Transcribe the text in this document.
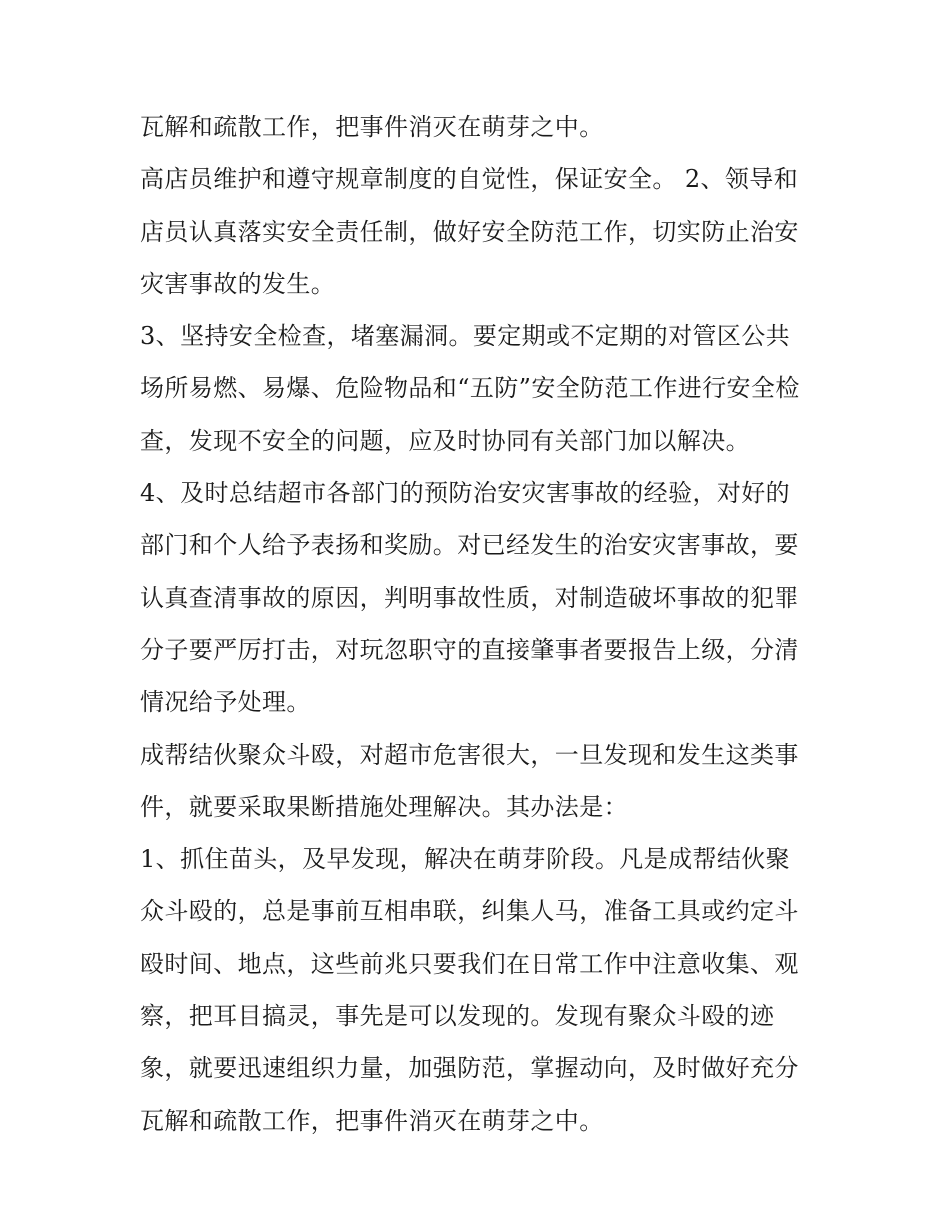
瓦解和疏散工作，把事件消灭在萌芽之中。
高店员维护和遵守规章制度的自觉性，保证安全。 2、领导和
店员认真落实安全责任制，做好安全防范工作，切实防止治安
灾害事故的发生。
3、坚持安全检查，堵塞漏洞。要定期或不定期的对管区公共
场所易燃、易爆、危险物品和“五防”安全防范工作进行安全检
查，发现不安全的问题，应及时协同有关部门加以解决。
4、及时总结超市各部门的预防治安灾害事故的经验，对好的
部门和个人给予表扬和奖励。对已经发生的治安灾害事故，要
认真查清事故的原因，判明事故性质，对制造破坏事故的犯罪
分子要严厉打击，对玩忽职守的直接肇事者要报告上级，分清
情况给予处理。
成帮结伙聚众斗殴，对超市危害很大，一旦发现和发生这类事
件，就要采取果断措施处理解决。其办法是：
1、抓住苗头，及早发现，解决在萌芽阶段。凡是成帮结伙聚
众斗殴的，总是事前互相串联，纠集人马，准备工具或约定斗
殴时间、地点，这些前兆只要我们在日常工作中注意收集、观
察，把耳目搞灵，事先是可以发现的。发现有聚众斗殴的迹
象，就要迅速组织力量，加强防范，掌握动向，及时做好充分
瓦解和疏散工作，把事件消灭在萌芽之中。
